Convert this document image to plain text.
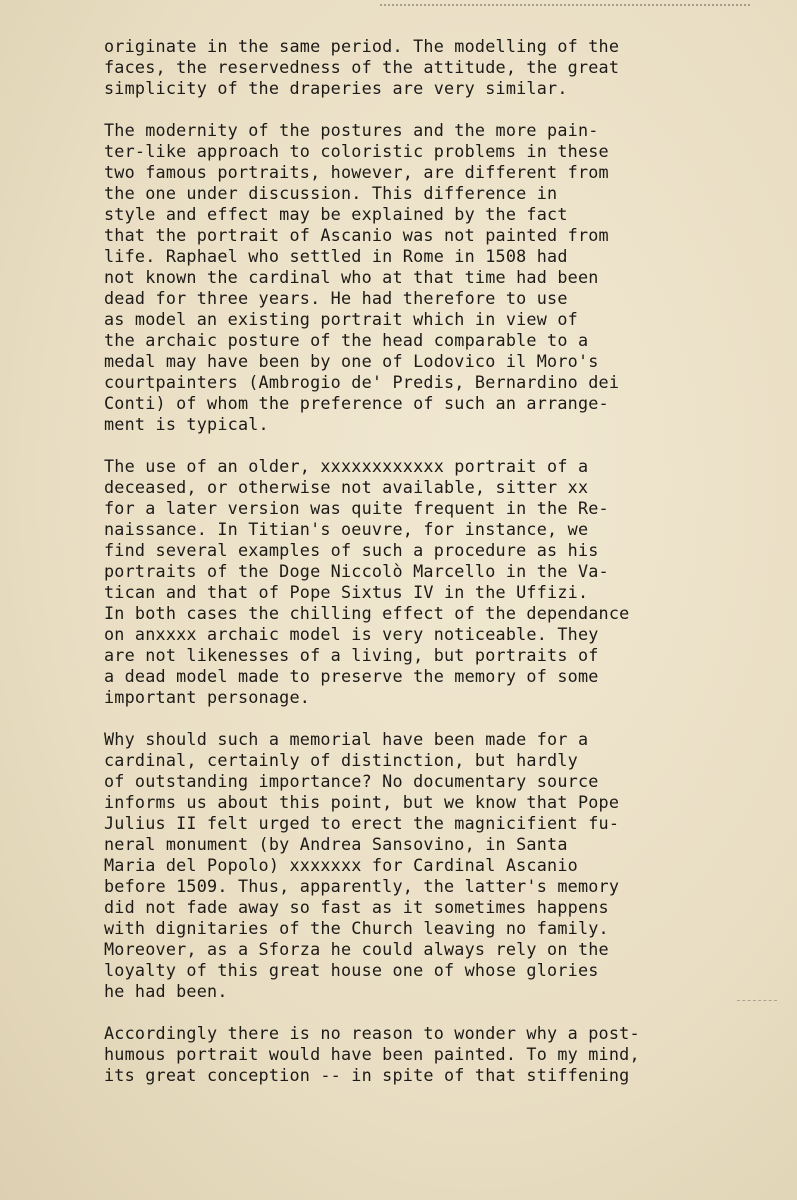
originate in the same period. The modelling of the
faces, the reservedness of the attitude, the great
simplicity of the draperies are very similar.
The modernity of the postures and the more pain-
ter-like approach to coloristic problems in these
two famous portraits, however, are different from
the one under discussion. This difference in
style and effect may be explained by the fact
that the portrait of Ascanio was not painted from
life. Raphael who settled in Rome in 1508 had
not known the cardinal who at that time had been
dead for three years. He had therefore to use
as model an existing portrait which in view of
the archaic posture of the head comparable to a
medal may have been by one of Lodovico il Moro's
courtpainters (Ambrogio de' Predis, Bernardino dei
Conti) of whom the preference of such an arrange-
ment is typical.
The use of an older, xxxxxxxxxxxx portrait of a
deceased, or otherwise not available, sitter xx
for a later version was quite frequent in the Re-
naissance. In Titian's oeuvre, for instance, we
find several examples of such a procedure as his
portraits of the Doge Niccolò Marcello in the Va-
tican and that of Pope Sixtus IV in the Uffizi.
In both cases the chilling effect of the dependance
on anxxxx archaic model is very noticeable. They
are not likenesses of a living, but portraits of
a dead model made to preserve the memory of some
important personage.
Why should such a memorial have been made for a
cardinal, certainly of distinction, but hardly
of outstanding importance? No documentary source
informs us about this point, but we know that Pope
Julius II felt urged to erect the magnicifient fu-
neral monument (by Andrea Sansovino, in Santa
Maria del Popolo) xxxxxxx for Cardinal Ascanio
before 1509. Thus, apparently, the latter's memory
did not fade away so fast as it sometimes happens
with dignitaries of the Church leaving no family.
Moreover, as a Sforza he could always rely on the
loyalty of this great house one of whose glories
he had been.
Accordingly there is no reason to wonder why a post-
humous portrait would have been painted. To my mind,
its great conception -- in spite of that stiffening
